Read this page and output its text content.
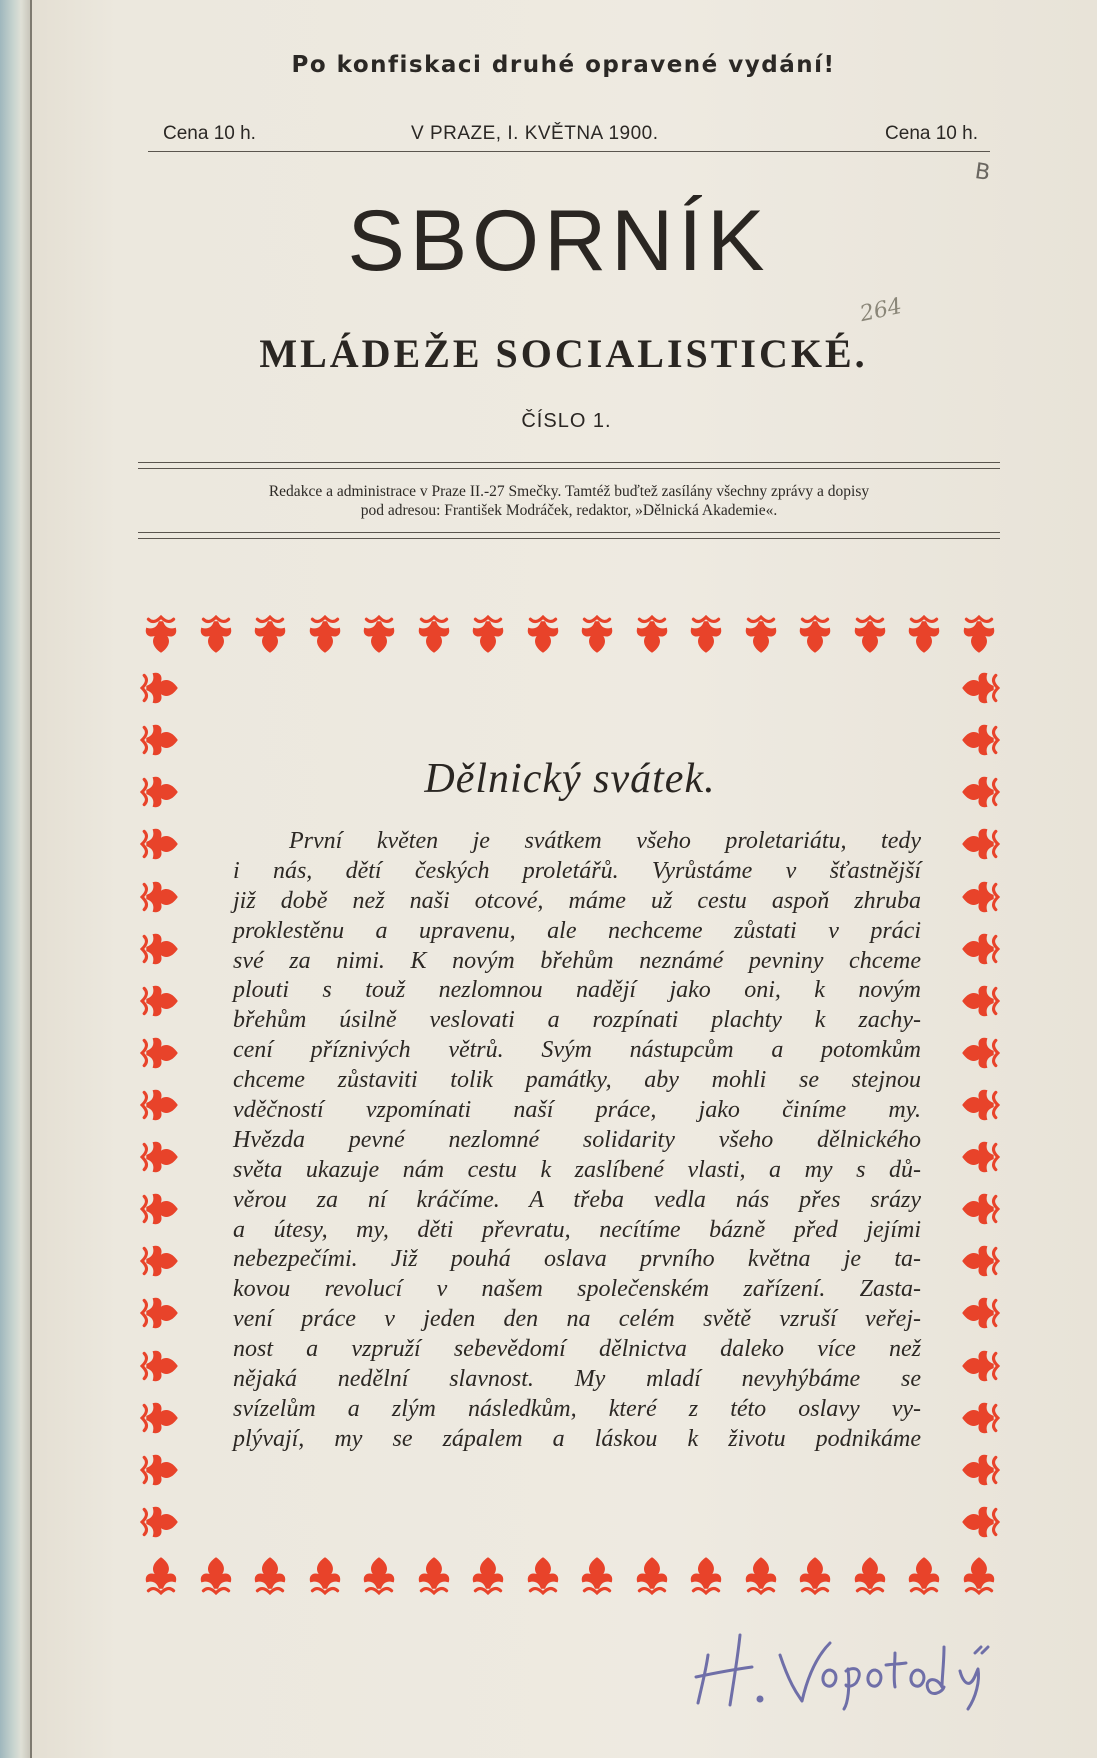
Po konfiskaci druhé opravené vydání!
Cena 10 h.	V PRAZE, I. KVĚTNA 1900.	Cena 10 h.
B
SBORNÍK
264
MLÁDEŽE SOCIALISTICKÉ.
ČÍSLO 1.
Redakce a administrace v Praze II.-27 Smečky. Tamtéž buďtež zasílány všechny zprávy a dopisy
pod adresou: František Modráček, redaktor, »Dělnická Akademie«.
Dělnický svátek.
První květen je svátkem všeho proletariátu, tedy
i nás, dětí českých proletářů. Vyrůstáme v šťastnější
již době než naši otcové, máme už cestu aspoň zhruba
proklestěnu a upravenu, ale nechceme zůstati v práci
své za nimi. K novým břehům neznámé pevniny chceme
plouti s touž nezlomnou nadějí jako oni, k novým
břehům úsilně veslovati a rozpínati plachty k zachy-
cení příznivých větrů. Svým nástupcům a potomkům
chceme zůstaviti tolik památky, aby mohli se stejnou
vděčností vzpomínati naší práce, jako činíme my.
Hvězda pevné nezlomné solidarity všeho dělnického
světa ukazuje nám cestu k zaslíbené vlasti, a my s dů-
věrou za ní kráčíme. A třeba vedla nás přes srázy
a útesy, my, děti převratu, necítíme bázně před jejími
nebezpečími. Již pouhá oslava prvního května je ta-
kovou revolucí v našem společenském zařízení. Zasta-
vení práce v jeden den na celém světě vzruší veřej-
nost a vzpruží sebevědomí dělnictva daleko více než
nějaká nedělní slavnost. My mladí nevyhýbáme se
svízelům a zlým následkům, které z této oslavy vy-
plývají, my se zápalem a láskou k životu podnikáme
